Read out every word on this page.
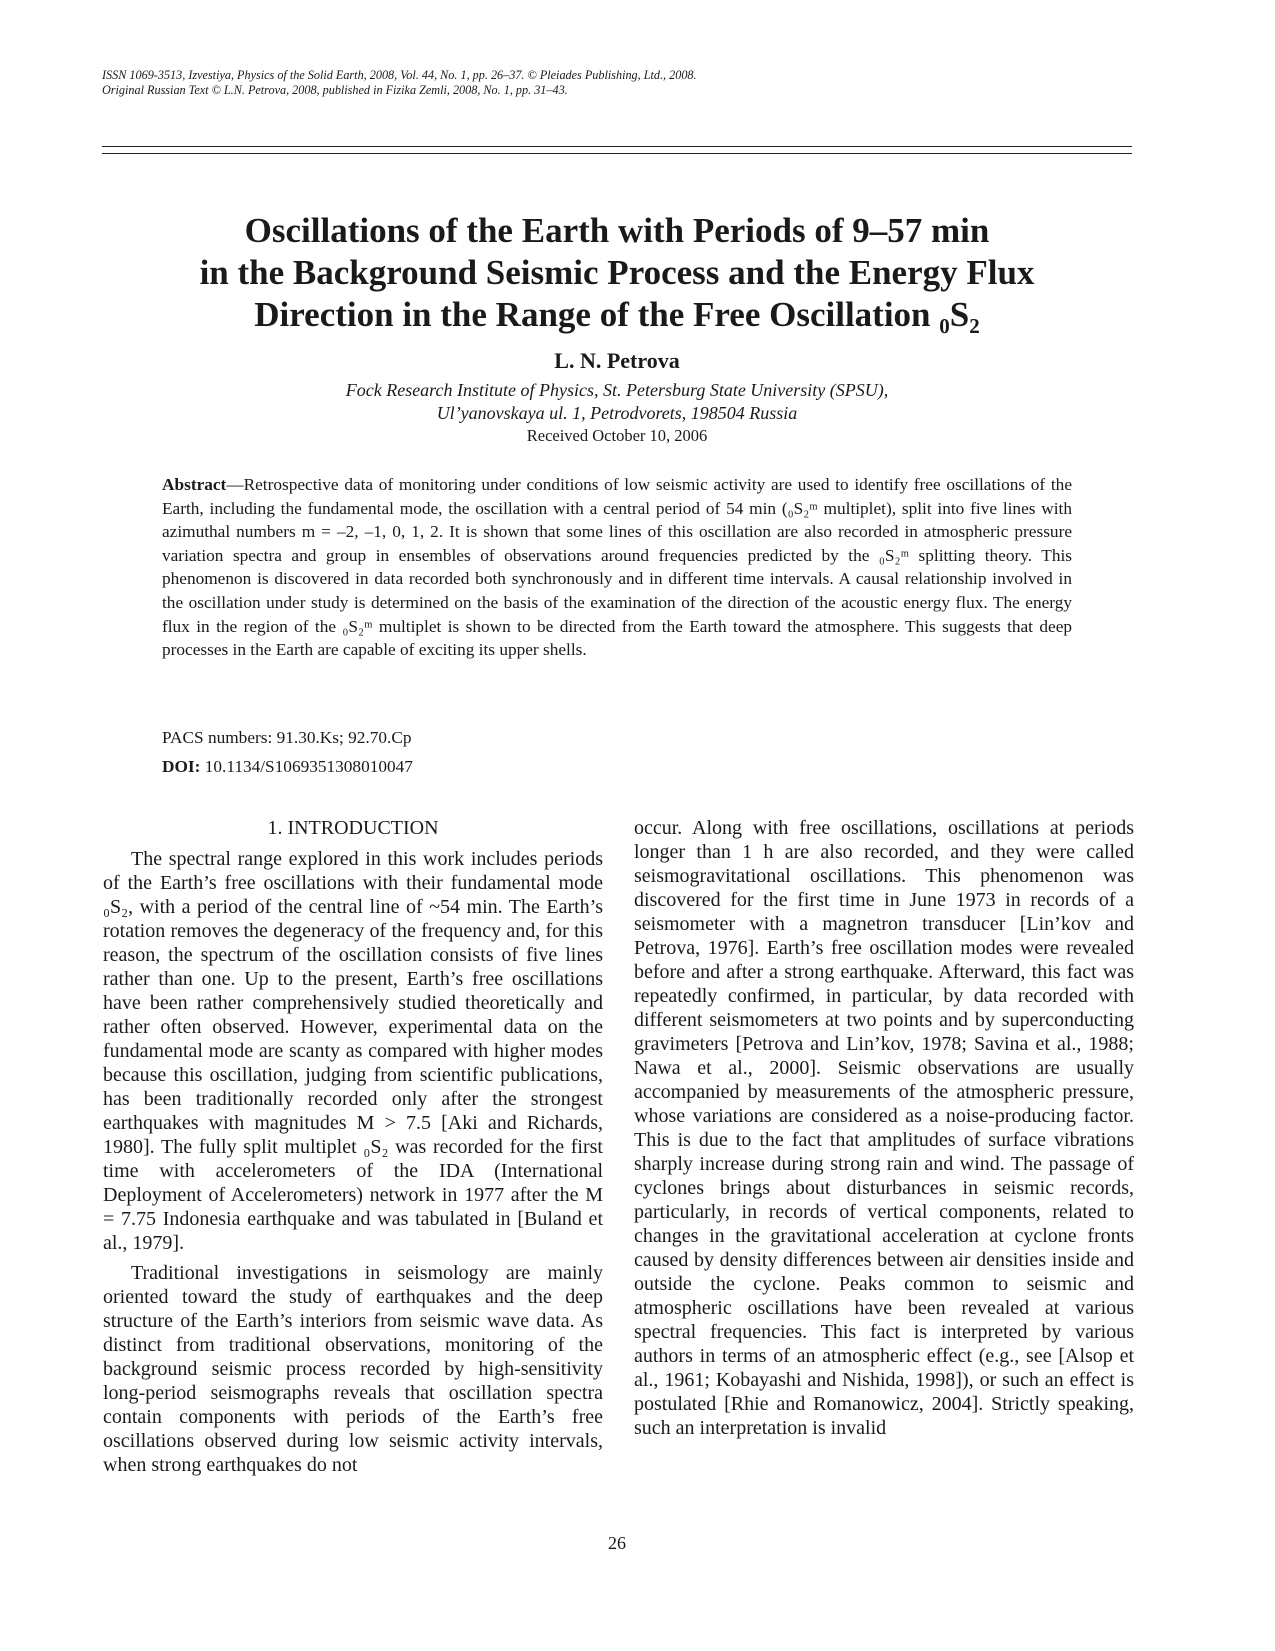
ISSN 1069-3513, Izvestiya, Physics of the Solid Earth, 2008, Vol. 44, No. 1, pp. 26–37. © Pleiades Publishing, Ltd., 2008.
Original Russian Text © L.N. Petrova, 2008, published in Fizika Zemli, 2008, No. 1, pp. 31–43.
Oscillations of the Earth with Periods of 9–57 min
in the Background Seismic Process and the Energy Flux
Direction in the Range of the Free Oscillation ₀S₂
L. N. Petrova
Fock Research Institute of Physics, St. Petersburg State University (SPSU),
Ul’yanovskaya ul. 1, Petrodvorets, 198504 Russia
Received October 10, 2006
Abstract—Retrospective data of monitoring under conditions of low seismic activity are used to identify free oscillations of the Earth, including the fundamental mode, the oscillation with a central period of 54 min (₀S₂ᵐ multiplet), split into five lines with azimuthal numbers m = –2, –1, 0, 1, 2. It is shown that some lines of this oscillation are also recorded in atmospheric pressure variation spectra and group in ensembles of observations around frequencies predicted by the ₀S₂ᵐ splitting theory. This phenomenon is discovered in data recorded both synchronously and in different time intervals. A causal relationship involved in the oscillation under study is determined on the basis of the examination of the direction of the acoustic energy flux. The energy flux in the region of the ₀S₂ᵐ multiplet is shown to be directed from the Earth toward the atmosphere. This suggests that deep processes in the Earth are capable of exciting its upper shells.
PACS numbers: 91.30.Ks; 92.70.Cp
DOI: 10.1134/S1069351308010047
1. INTRODUCTION

The spectral range explored in this work includes periods of the Earth’s free oscillations with their fundamental mode ₀S₂, with a period of the central line of ~54 min. The Earth’s rotation removes the degeneracy of the frequency and, for this reason, the spectrum of the oscillation consists of five lines rather than one. Up to the present, Earth’s free oscillations have been rather comprehensively studied theoretically and rather often observed. However, experimental data on the fundamental mode are scanty as compared with higher modes because this oscillation, judging from scientific publications, has been traditionally recorded only after the strongest earthquakes with magnitudes M > 7.5 [Aki and Richards, 1980]. The fully split multiplet ₀S₂ was recorded for the first time with accelerometers of the IDA (International Deployment of Accelerometers) network in 1977 after the M = 7.75 Indonesia earthquake and was tabulated in [Buland et al., 1979].

Traditional investigations in seismology are mainly oriented toward the study of earthquakes and the deep structure of the Earth’s interiors from seismic wave data. As distinct from traditional observations, monitoring of the background seismic process recorded by high-sensitivity long-period seismographs reveals that oscillation spectra contain components with periods of the Earth’s free oscillations observed during low seismic activity intervals, when strong earthquakes do not

occur. Along with free oscillations, oscillations at periods longer than 1 h are also recorded, and they were called seismogravitational oscillations. This phenomenon was discovered for the first time in June 1973 in records of a seismometer with a magnetron transducer [Lin’kov and Petrova, 1976]. Earth’s free oscillation modes were revealed before and after a strong earthquake. Afterward, this fact was repeatedly confirmed, in particular, by data recorded with different seismometers at two points and by superconducting gravimeters [Petrova and Lin’kov, 1978; Savina et al., 1988; Nawa et al., 2000]. Seismic observations are usually accompanied by measurements of the atmospheric pressure, whose variations are considered as a noise-producing factor. This is due to the fact that amplitudes of surface vibrations sharply increase during strong rain and wind. The passage of cyclones brings about disturbances in seismic records, particularly, in records of vertical components, related to changes in the gravitational acceleration at cyclone fronts caused by density differences between air densities inside and outside the cyclone. Peaks common to seismic and atmospheric oscillations have been revealed at various spectral frequencies. This fact is interpreted by various authors in terms of an atmospheric effect (e.g., see [Alsop et al., 1961; Kobayashi and Nishida, 1998]), or such an effect is postulated [Rhie and Romanowicz, 2004]. Strictly speaking, such an interpretation is invalid

26
